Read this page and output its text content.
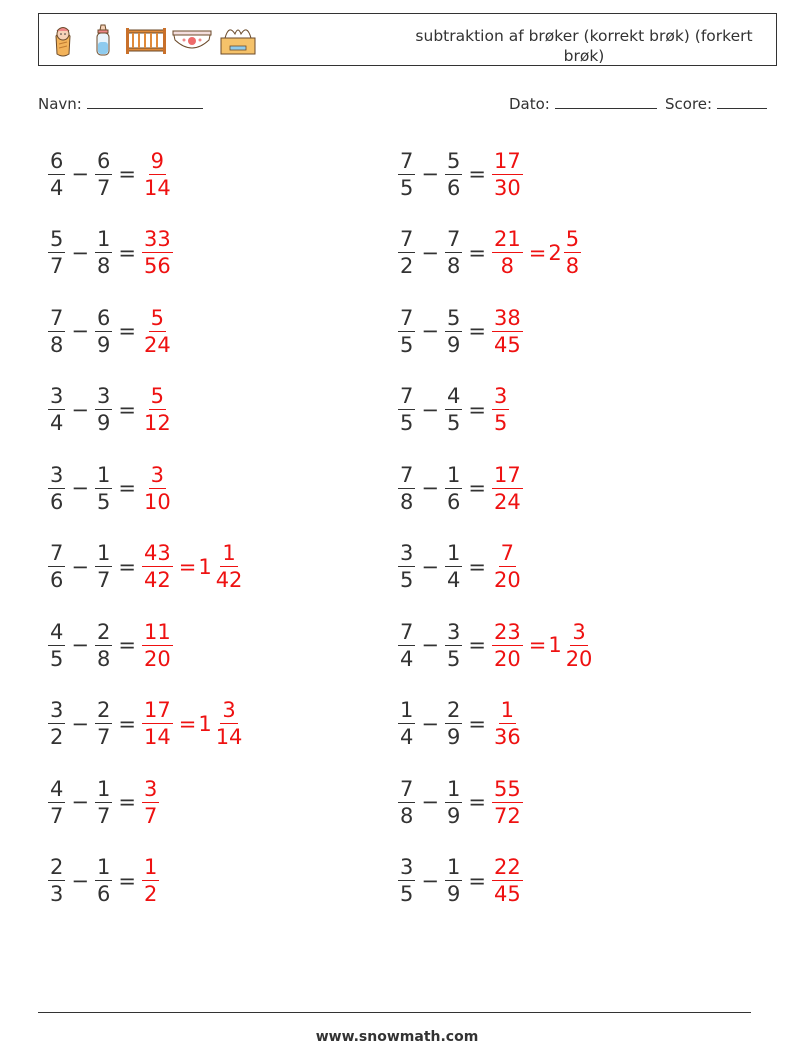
subtraktion af brøker (korrekt brøk) (forkert brøk)
Navn:	Dato:	Score:
$\frac{6}{4} - \frac{6}{7} = \frac{9}{14}$
$\frac{5}{7} - \frac{1}{8} = \frac{33}{56}$
$\frac{7}{8} - \frac{6}{9} = \frac{5}{24}$
$\frac{3}{4} - \frac{3}{9} = \frac{5}{12}$
$\frac{3}{6} - \frac{1}{5} = \frac{3}{10}$
$\frac{7}{6} - \frac{1}{7} = \frac{43}{42} = 1 \frac{1}{42}$
$\frac{4}{5} - \frac{2}{8} = \frac{11}{20}$
$\frac{3}{2} - \frac{2}{7} = \frac{17}{14} = 1 \frac{3}{14}$
$\frac{4}{7} - \frac{1}{7} = \frac{3}{7}$
$\frac{2}{3} - \frac{1}{6} = \frac{1}{2}$
$\frac{7}{5} - \frac{5}{6} = \frac{17}{30}$
$\frac{7}{2} - \frac{7}{8} = \frac{21}{8} = 2 \frac{5}{8}$
$\frac{7}{5} - \frac{5}{9} = \frac{38}{45}$
$\frac{7}{5} - \frac{4}{5} = \frac{3}{5}$
$\frac{7}{8} - \frac{1}{6} = \frac{17}{24}$
$\frac{3}{5} - \frac{1}{4} = \frac{7}{20}$
$\frac{7}{4} - \frac{3}{5} = \frac{23}{20} = 1 \frac{3}{20}$
$\frac{1}{4} - \frac{2}{9} = \frac{1}{36}$
$\frac{7}{8} - \frac{1}{9} = \frac{55}{72}$
$\frac{3}{5} - \frac{1}{9} = \frac{22}{45}$
www.snowmath.com
